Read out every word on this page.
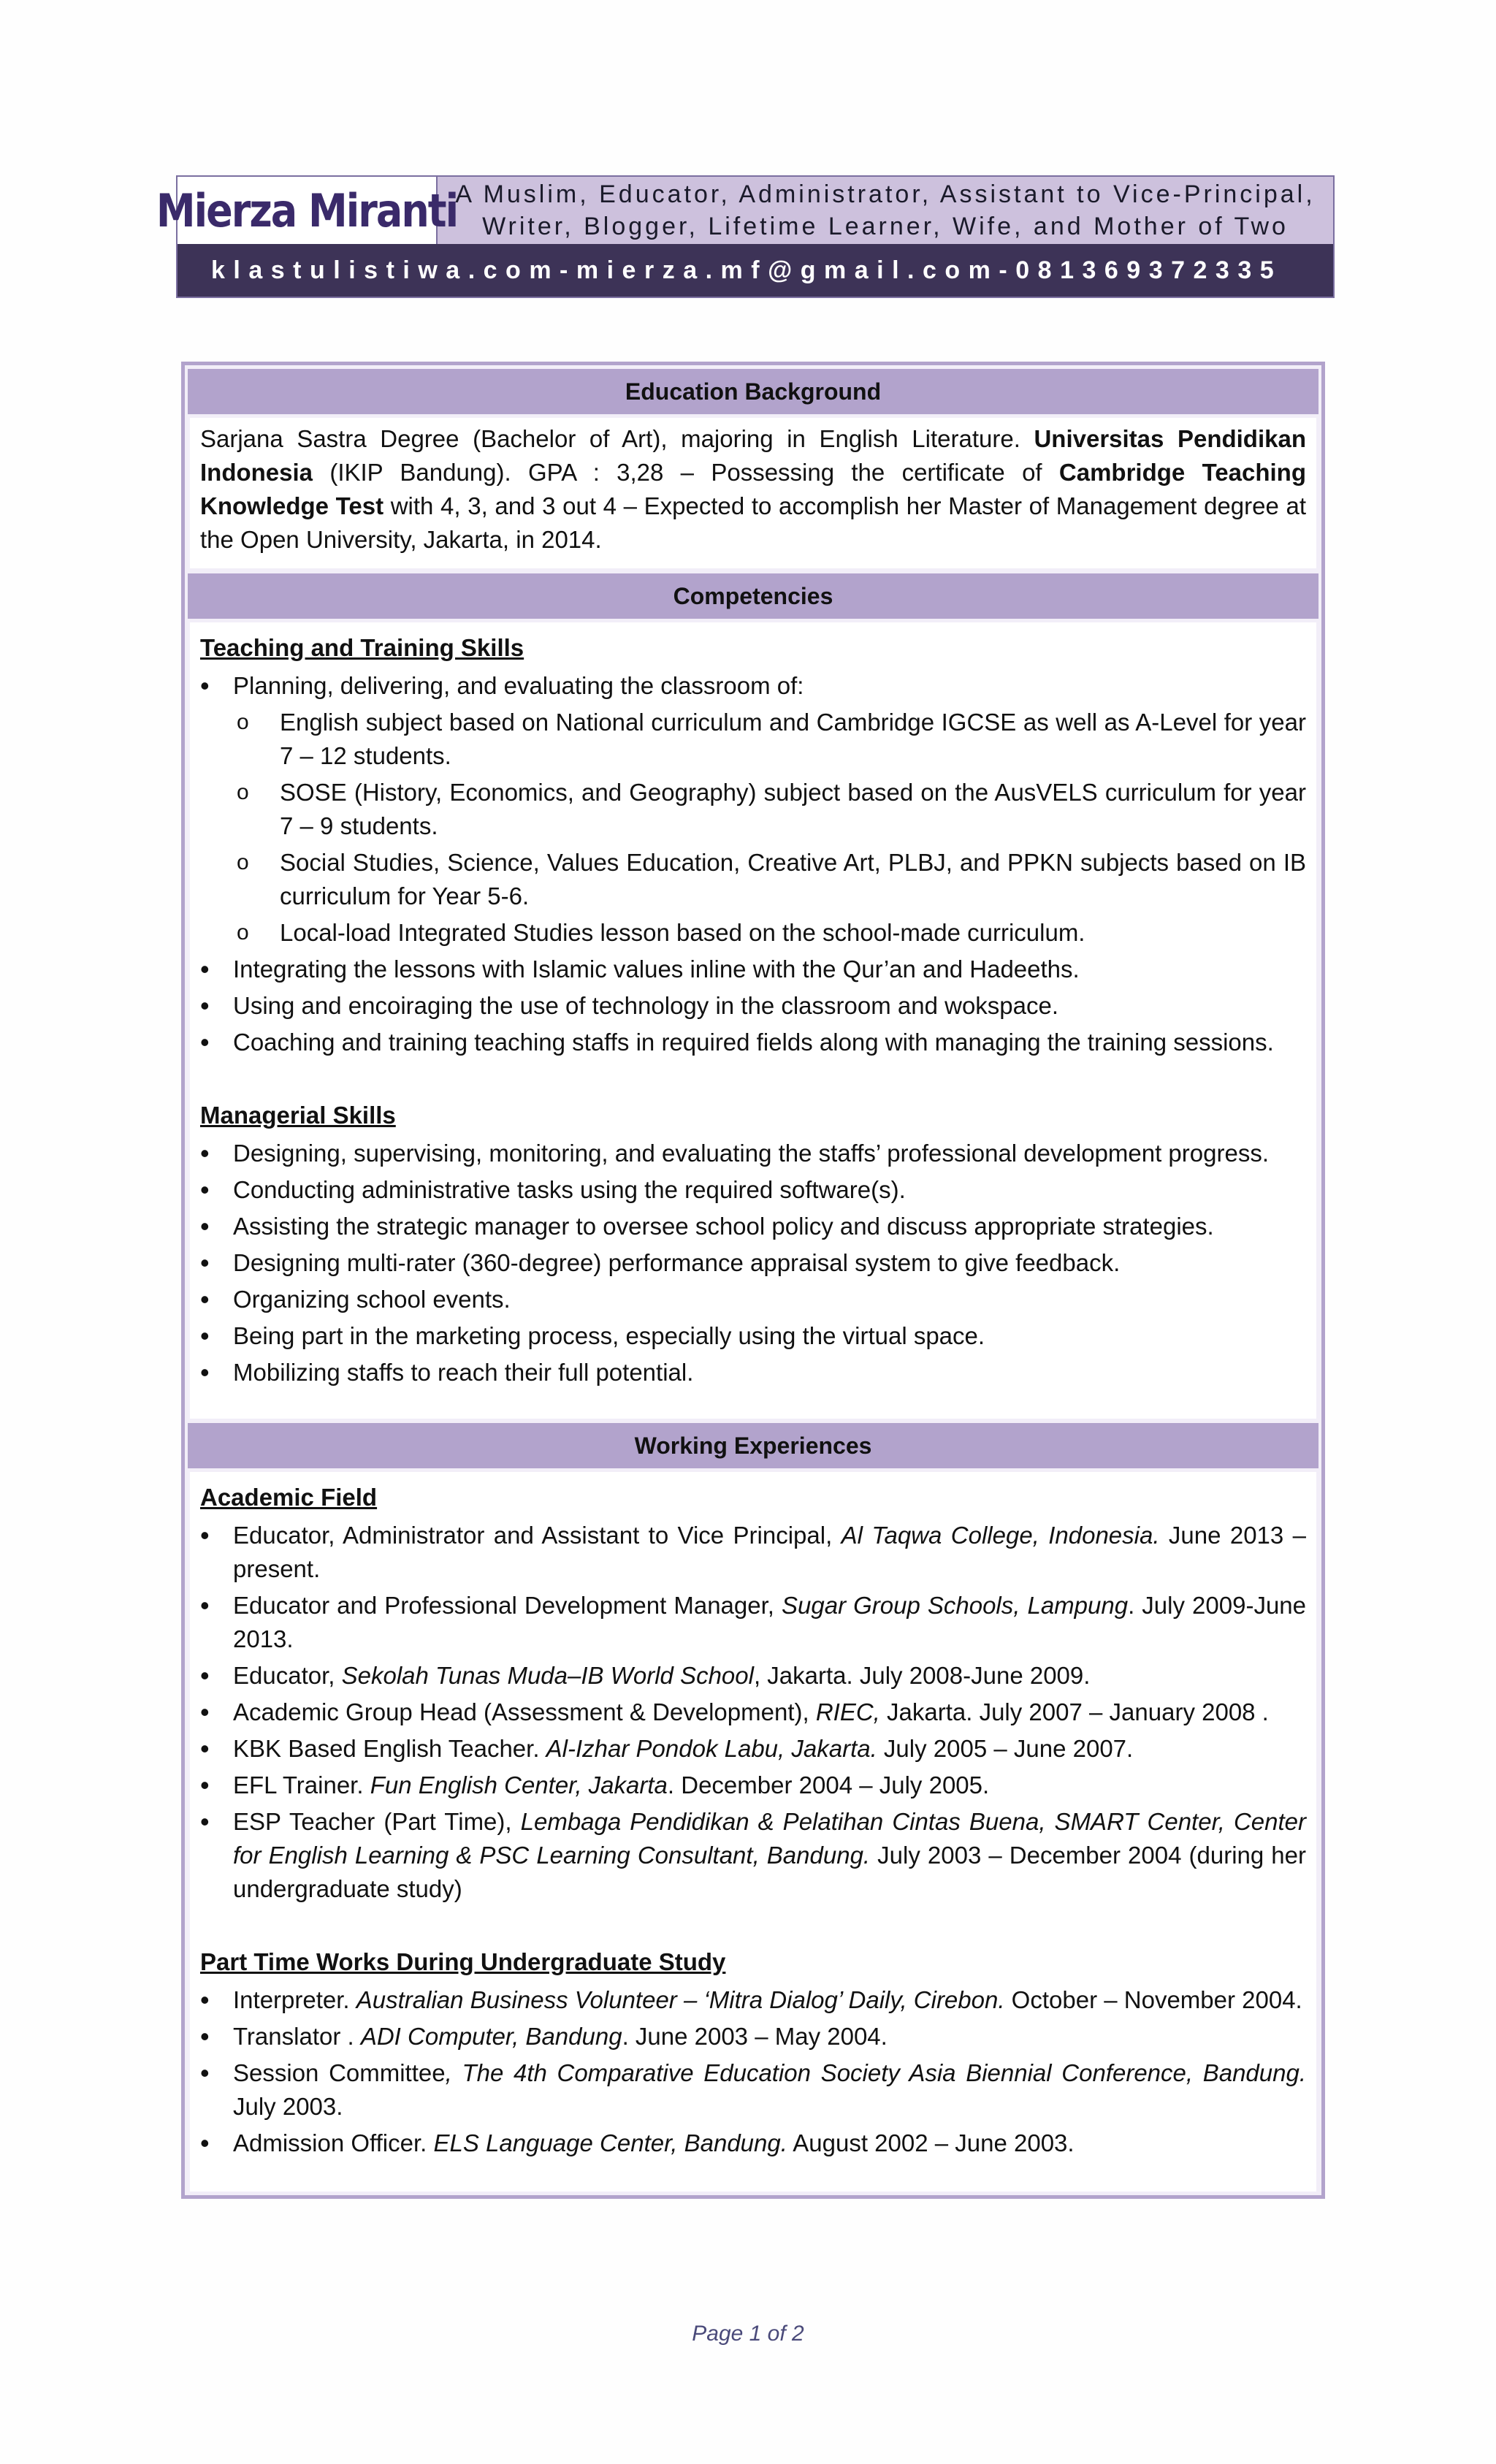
Mierza Miranti
A Muslim, Educator, Administrator, Assistant to Vice-Principal,
Writer, Blogger, Lifetime Learner, Wife, and Mother of Two
klastulistiwa.com - mierza.mf@gmail.com - 081369372335
Education Background
Sarjana Sastra Degree (Bachelor of Art), majoring in English Literature. Universitas Pendidikan Indonesia (IKIP Bandung). GPA : 3,28 – Possessing the certificate of Cambridge Teaching Knowledge Test with 4, 3, and 3 out 4 – Expected to accomplish her Master of Management degree at the Open University, Jakarta, in 2014.
Competencies
Teaching and Training Skills
• Planning, delivering, and evaluating the classroom of:
o English subject based on National curriculum and Cambridge IGCSE as well as A-Level for year 7 – 12 students.
o SOSE (History, Economics, and Geography) subject based on the AusVELS curriculum for year 7 – 9 students.
o Social Studies, Science, Values Education, Creative Art, PLBJ, and PPKN subjects based on IB curriculum for Year 5-6.
o Local-load Integrated Studies lesson based on the school-made curriculum.
• Integrating the lessons with Islamic values inline with the Qur’an and Hadeeths.
• Using and encoiraging the use of technology in the classroom and wokspace.
• Coaching and training teaching staffs in required fields along with managing the training sessions.
Managerial Skills
• Designing, supervising, monitoring, and evaluating the staffs’ professional development progress.
• Conducting administrative tasks using the required software(s).
• Assisting the strategic manager to oversee school policy and discuss appropriate strategies.
• Designing multi-rater (360-degree) performance appraisal system to give feedback.
• Organizing school events.
• Being part in the marketing process, especially using the virtual space.
• Mobilizing staffs to reach their full potential.
Working Experiences
Academic Field
• Educator, Administrator and Assistant to Vice Principal, Al Taqwa College, Indonesia. June 2013 – present.
• Educator and Professional Development Manager, Sugar Group Schools, Lampung. July 2009-June 2013.
• Educator, Sekolah Tunas Muda–IB World School, Jakarta. July 2008-June 2009.
• Academic Group Head (Assessment & Development), RIEC, Jakarta. July 2007 – January 2008 .
• KBK Based English Teacher. Al-Izhar Pondok Labu, Jakarta. July 2005 – June 2007.
• EFL Trainer. Fun English Center, Jakarta. December 2004 – July 2005.
• ESP Teacher (Part Time), Lembaga Pendidikan & Pelatihan Cintas Buena, SMART Center, Center for English Learning & PSC Learning Consultant, Bandung. July 2003 – December 2004 (during her undergraduate study)
Part Time Works During Undergraduate Study
• Interpreter. Australian Business Volunteer – ‘Mitra Dialog’ Daily, Cirebon. October – November 2004.
• Translator . ADI Computer, Bandung. June 2003 – May 2004.
• Session Committee, The 4th Comparative Education Society Asia Biennial Conference, Bandung. July 2003.
• Admission Officer. ELS Language Center, Bandung. August 2002 – June 2003.
Page 1 of 2
